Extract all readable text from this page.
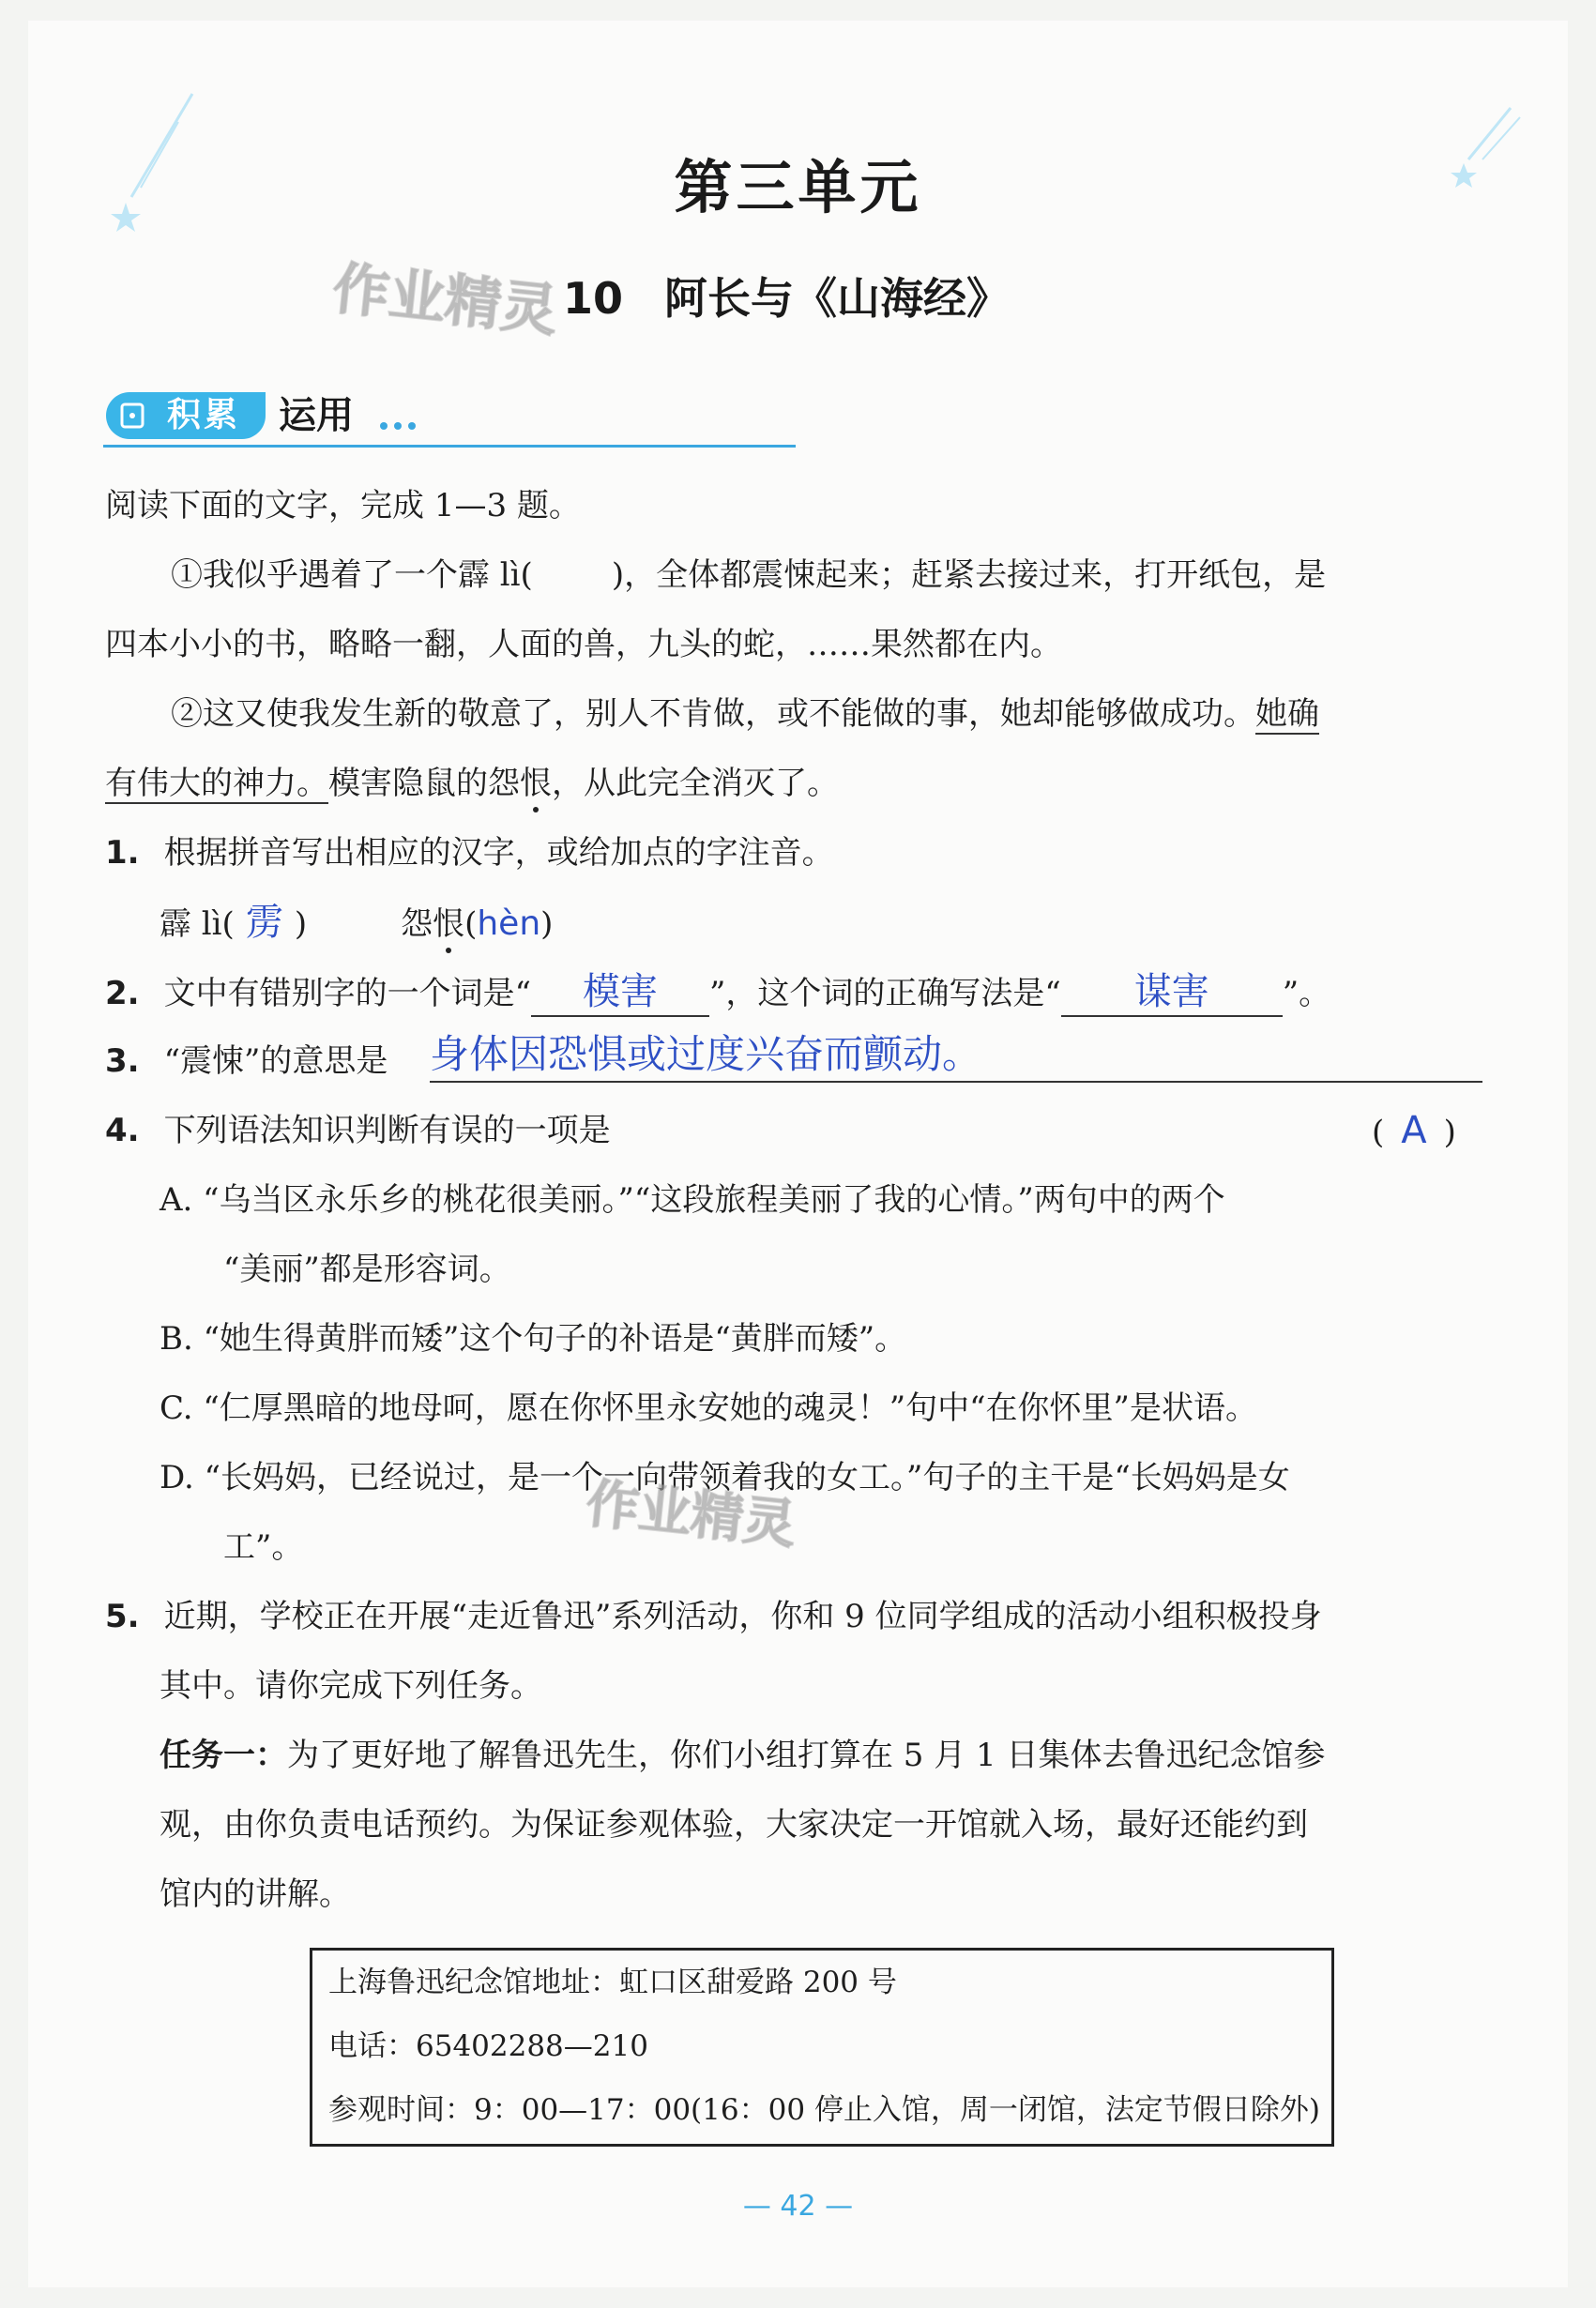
第三单元
作业精灵 10 阿长与《山海经》
积累 运用
阅读下面的文字，完成 1—3 题。
①我似乎遇着了一个霹 lì( )，全体都震悚起来；赶紧去接过来，打开纸包，是
四本小小的书，略略一翻，人面的兽，九头的蛇，……果然都在内。
②这又使我发生新的敬意了，别人不肯做，或不能做的事，她却能够做成功。她确
有伟大的神力。模害隐鼠的怨恨，从此完全消灭了。
1. 根据拼音写出相应的汉字，或给加点的字注音。
霹 lì( 雳 )	怨恨(hèn)
2. 文中有错别字的一个词是“ 模害 ”，这个词的正确写法是“ 谋害 ”。
3. “震悚”的意思是 身体因恐惧或过度兴奋而颤动。
4. 下列语法知识判断有误的一项是	( A )
A. “乌当区永乐乡的桃花很美丽。”“这段旅程美丽了我的心情。”两句中的两个
“美丽”都是形容词。
B. “她生得黄胖而矮”这个句子的补语是“黄胖而矮”。
C. “仁厚黑暗的地母呵，愿在你怀里永安她的魂灵！”句中“在你怀里”是状语。
D. “长妈妈，已经说过，是一个一向带领着我的女工。”句子的主干是“长妈妈是女
工”。	作业精灵
5. 近期，学校正在开展“走近鲁迅”系列活动，你和 9 位同学组成的活动小组积极投身
其中。请你完成下列任务。
任务一：为了更好地了解鲁迅先生，你们小组打算在 5 月 1 日集体去鲁迅纪念馆参
观，由你负责电话预约。为保证参观体验，大家决定一开馆就入场，最好还能约到
馆内的讲解。
上海鲁迅纪念馆地址：虹口区甜爱路 200 号
电话：65402288—210
参观时间：9：00—17：00(16：00 停止入馆，周一闭馆，法定节假日除外)
— 42 —
